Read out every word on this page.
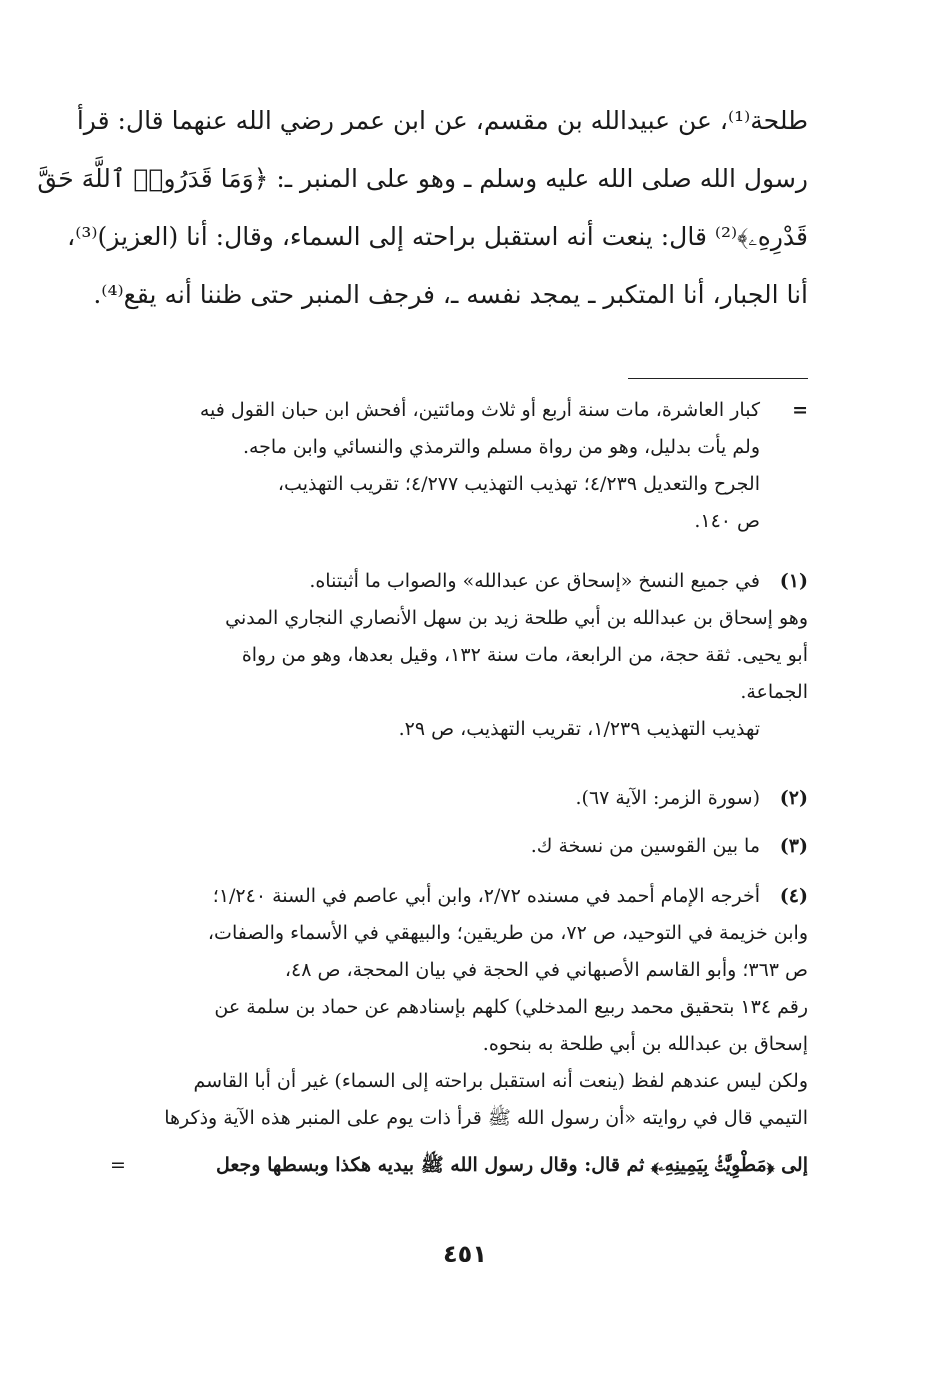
طلحة⁽¹⁾، عن عبيدالله بن مقسم، عن ابن عمر رضي الله عنهما قال: قرأ
رسول الله صلى الله عليه وسلم ـ وهو على المنبر ـ: ﴿وَمَا قَدَرُوا۟ ٱللَّهَ حَقَّ
قَدْرِهِۦ﴾⁽²⁾ قال: ينعت أنه استقبل براحته إلى السماء، وقال: أنا (العزيز)⁽³⁾،
أنا الجبار، أنا المتكبر ـ يمجد نفسه ـ، فرجف المنبر حتى ظننا أنه يقع⁽⁴⁾.
=
كبار العاشرة، مات سنة أربع أو ثلاث ومائتين، أفحش ابن حبان القول فيه
ولم يأت بدليل، وهو من رواة مسلم والترمذي والنسائي وابن ماجه.
الجرح والتعديل ٤/٢٣٩؛ تهذيب التهذيب ٤/٢٧٧؛ تقريب التهذيب،
ص ١٤٠.
(١)
في جميع النسخ «إسحاق عن عبدالله» والصواب ما أثبتناه.
وهو إسحاق بن عبدالله بن أبي طلحة زيد بن سهل الأنصاري النجاري المدني
أبو يحيى. ثقة حجة، من الرابعة، مات سنة ١٣٢، وقيل بعدها، وهو من رواة
الجماعة.
تهذيب التهذيب ١/٢٣٩، تقريب التهذيب، ص ٢٩.
(٢)
(سورة الزمر: الآية ٦٧).
(٣)
ما بين القوسين من نسخة ك.
(٤)
أخرجه الإمام أحمد في مسنده ٢/٧٢، وابن أبي عاصم في السنة ١/٢٤٠؛
وابن خزيمة في التوحيد، ص ٧٢، من طريقين؛ والبيهقي في الأسماء والصفات،
ص ٣٦٣؛ وأبو القاسم الأصبهاني في الحجة في بيان المحجة، ص ٤٨،
رقم ١٣٤ بتحقيق محمد ربيع المدخلي) كلهم بإسنادهم عن حماد بن سلمة عن
إسحاق بن عبدالله بن أبي طلحة به بنحوه.
ولكن ليس عندهم لفظ (ينعت أنه استقبل براحته إلى السماء) غير أن أبا القاسم
التيمي قال في روايته «أن رسول الله ﷺ قرأ ذات يوم على المنبر هذه الآية وذكرها
إلى ﴿مَطْوِيَّٰتٌۢ بِيَمِينِهِۦ﴾ ثم قال: وقال رسول الله ﷺ بيديه هكذا وبسطها وجعل
=
٤٥١
